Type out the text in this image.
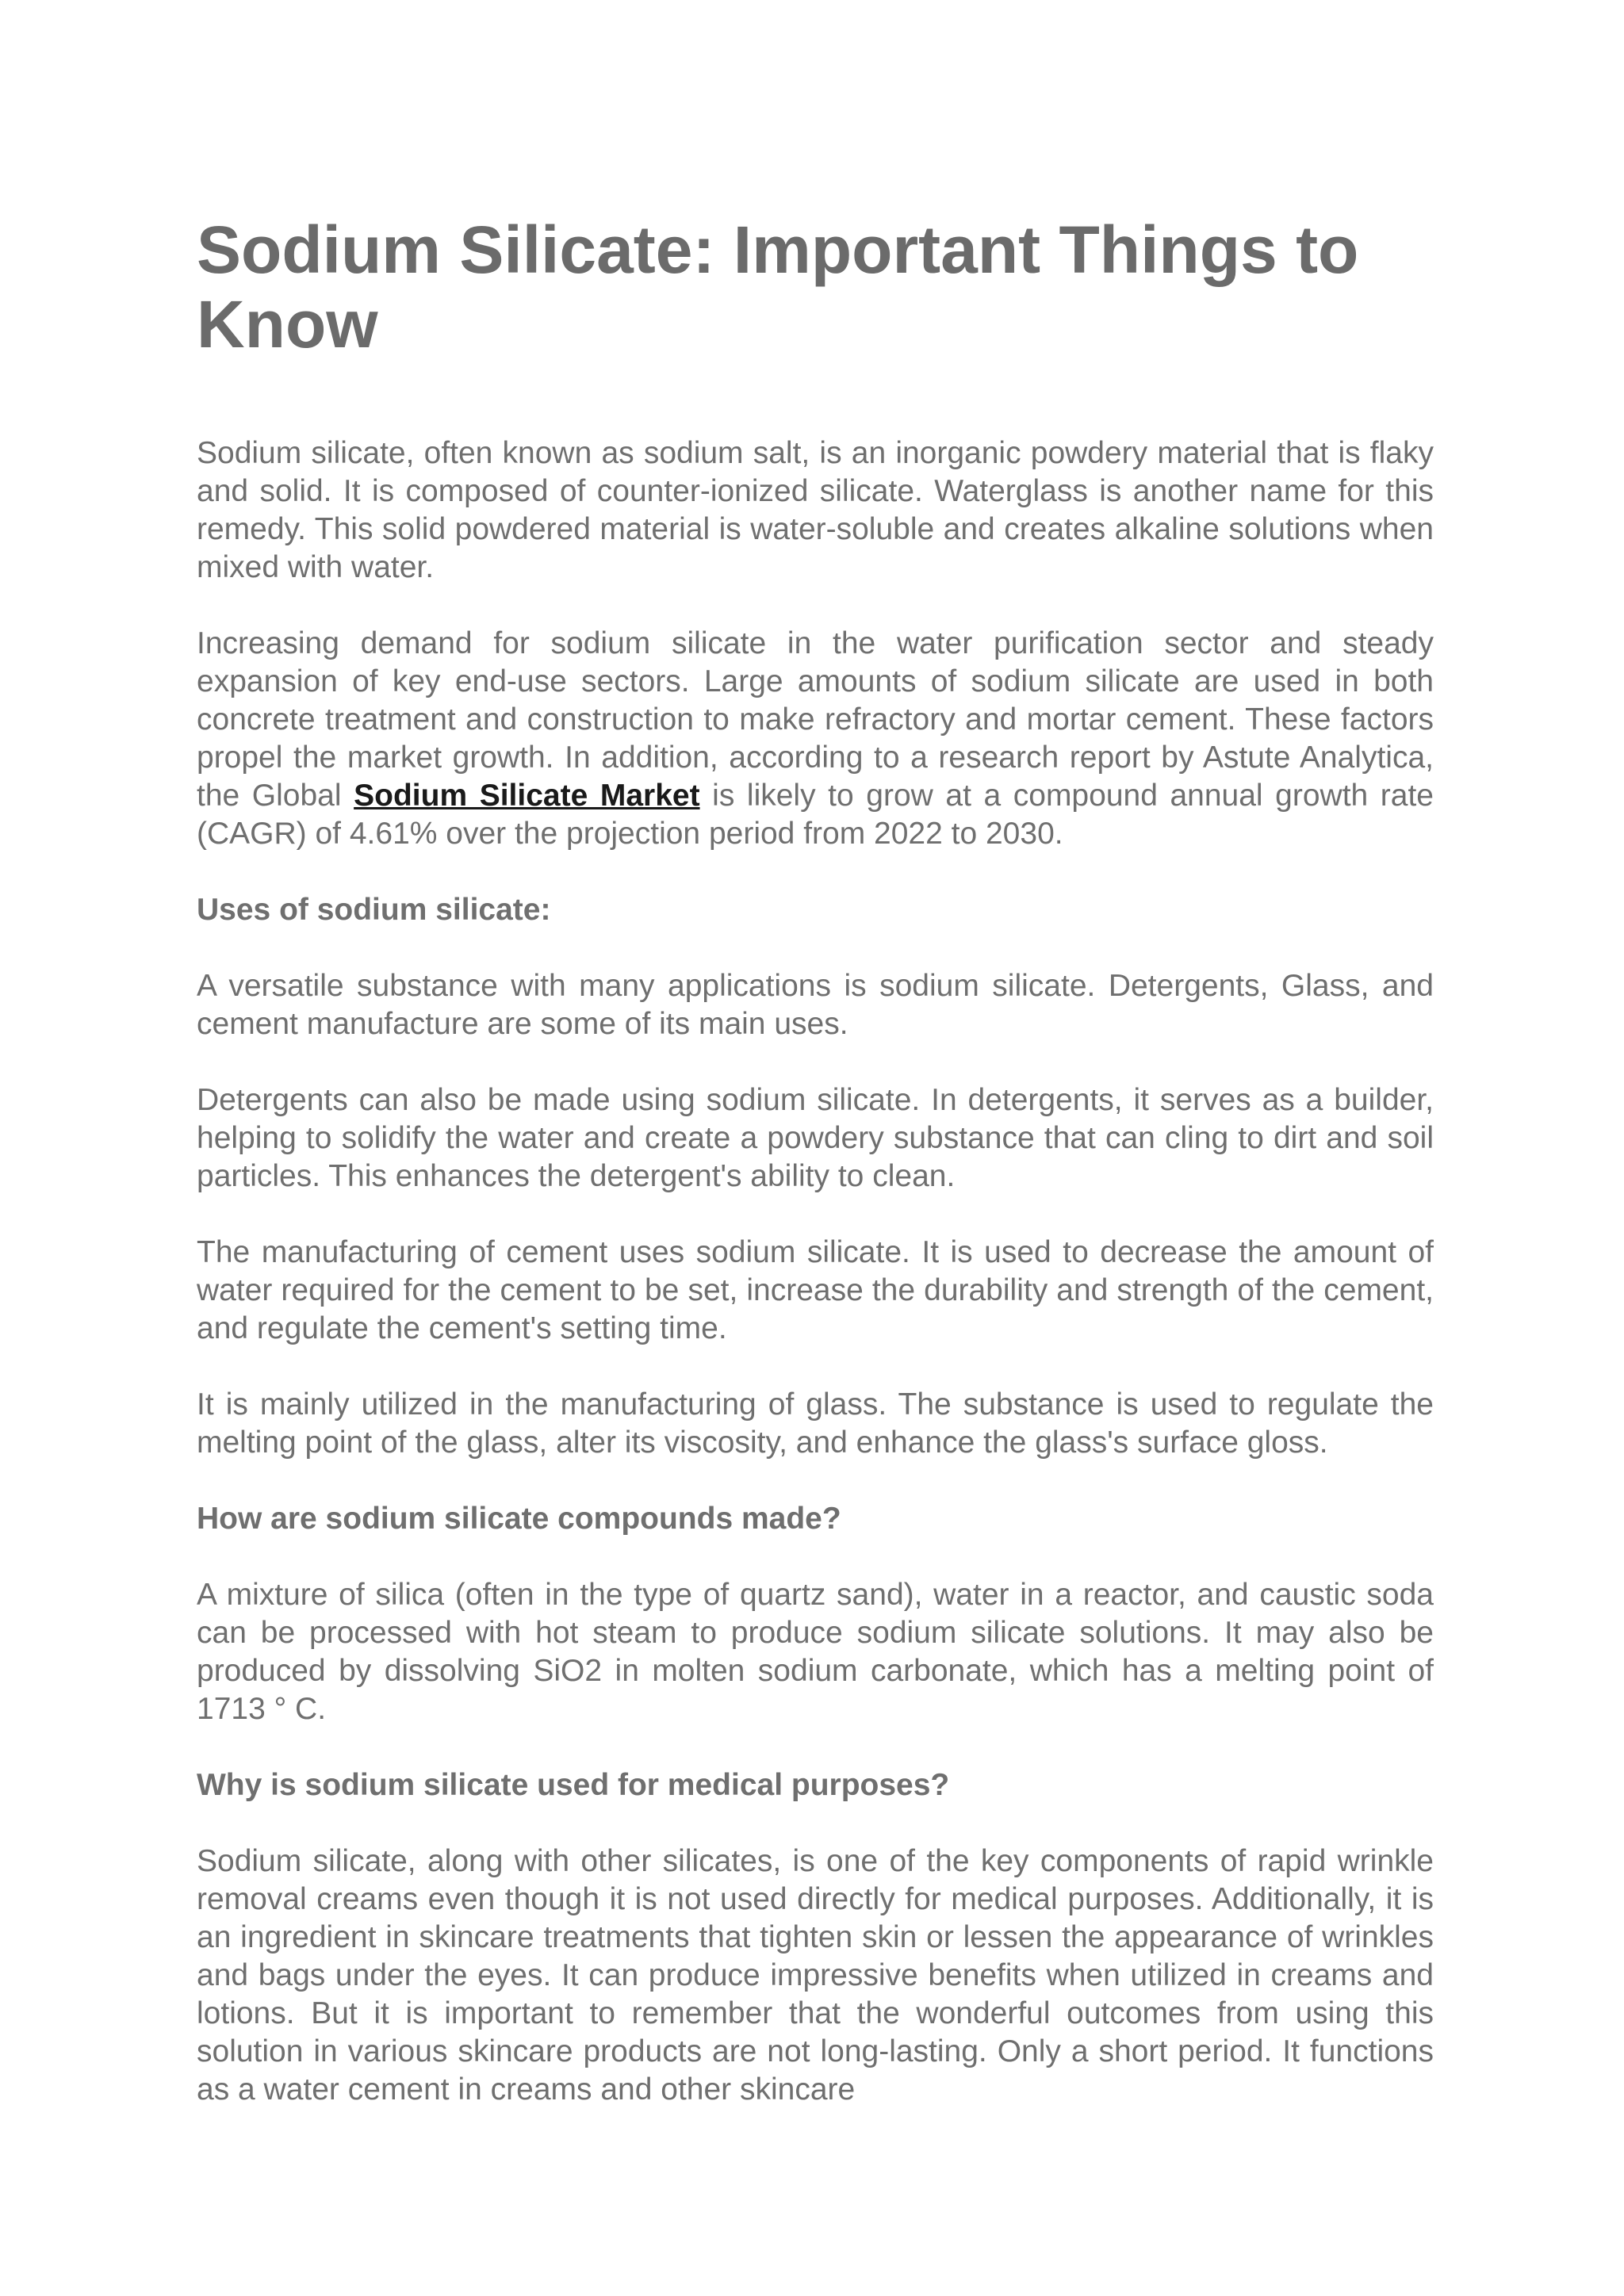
Sodium Silicate: Important Things to Know

Sodium silicate, often known as sodium salt, is an inorganic powdery material that is flaky and solid. It is composed of counter-ionized silicate. Waterglass is another name for this remedy. This solid powdered material is water-soluble and creates alkaline solutions when mixed with water.

Increasing demand for sodium silicate in the water purification sector and steady expansion of key end-use sectors. Large amounts of sodium silicate are used in both concrete treatment and construction to make refractory and mortar cement. These factors propel the market growth. In addition, according to a research report by Astute Analytica, the Global Sodium Silicate Market is likely to grow at a compound annual growth rate (CAGR) of 4.61% over the projection period from 2022 to 2030.

Uses of sodium silicate:

A versatile substance with many applications is sodium silicate. Detergents, Glass, and cement manufacture are some of its main uses.

Detergents can also be made using sodium silicate. In detergents, it serves as a builder, helping to solidify the water and create a powdery substance that can cling to dirt and soil particles. This enhances the detergent's ability to clean.

The manufacturing of cement uses sodium silicate. It is used to decrease the amount of water required for the cement to be set, increase the durability and strength of the cement, and regulate the cement's setting time.

It is mainly utilized in the manufacturing of glass. The substance is used to regulate the melting point of the glass, alter its viscosity, and enhance the glass's surface gloss.

How are sodium silicate compounds made?

A mixture of silica (often in the type of quartz sand), water in a reactor, and caustic soda can be processed with hot steam to produce sodium silicate solutions. It may also be produced by dissolving SiO2 in molten sodium carbonate, which has a melting point of 1713 ° C.

Why is sodium silicate used for medical purposes?

Sodium silicate, along with other silicates, is one of the key components of rapid wrinkle removal creams even though it is not used directly for medical purposes. Additionally, it is an ingredient in skincare treatments that tighten skin or lessen the appearance of wrinkles and bags under the eyes. It can produce impressive benefits when utilized in creams and lotions. But it is important to remember that the wonderful outcomes from using this solution in various skincare products are not long-lasting. Only a short period. It functions as a water cement in creams and other skincare
